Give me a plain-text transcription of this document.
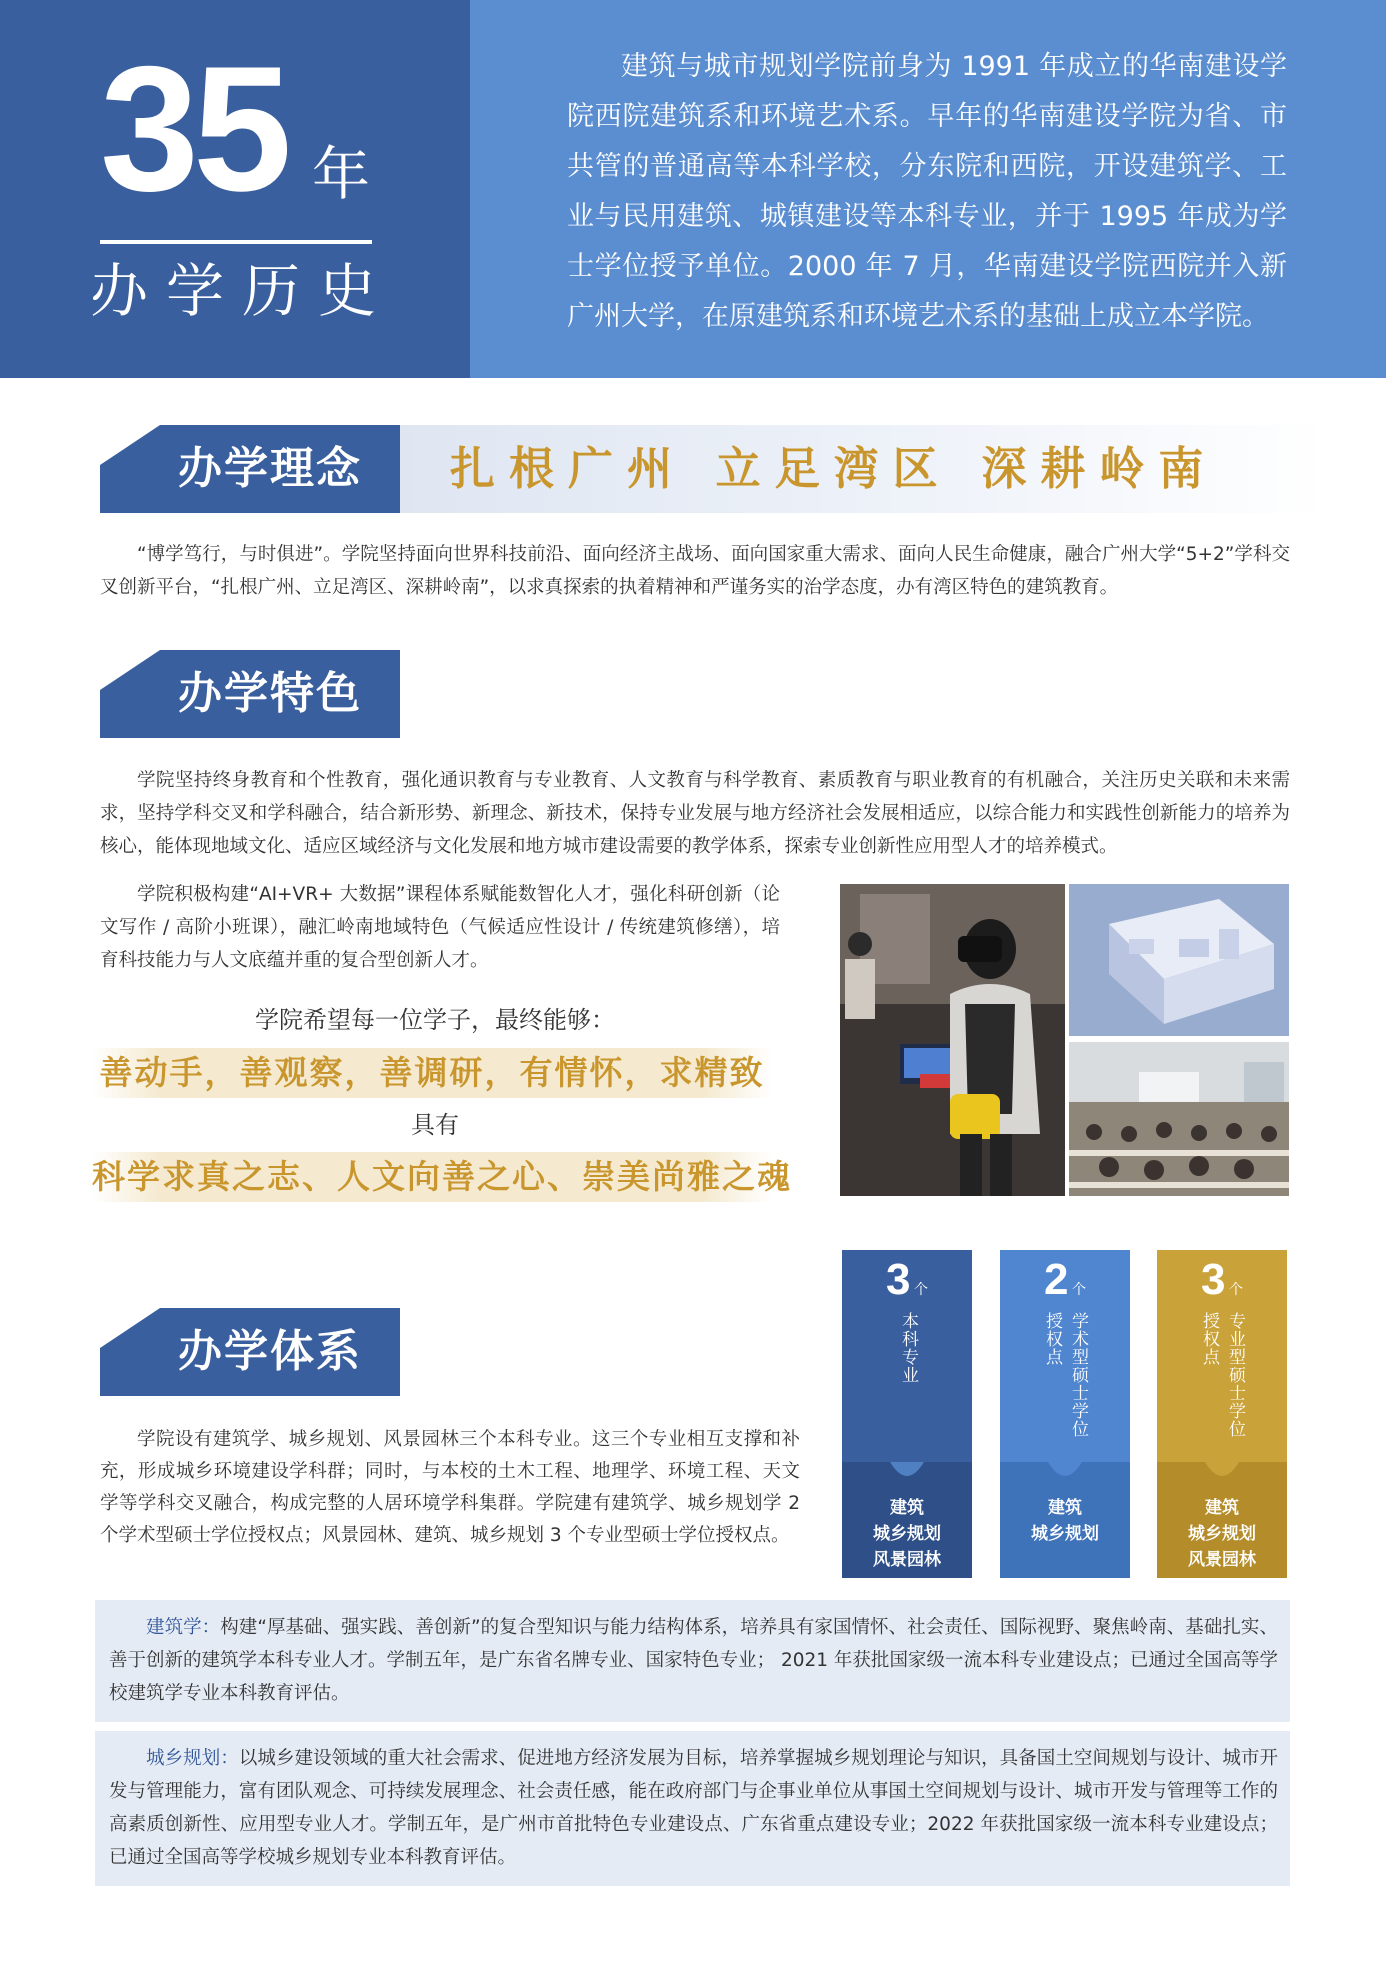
35 年
办学历史

建筑与城市规划学院前身为 1991 年成立的华南建设学院西院建筑系和环境艺术系。早年的华南建设学院为省、市共管的普通高等本科学校，分东院和西院，开设建筑学、工业与民用建筑、城镇建设等本科专业，并于 1995 年成为学士学位授予单位。2000 年 7 月，华南建设学院西院并入新广州大学，在原建筑系和环境艺术系的基础上成立本学院。

办学理念	扎根广州 立足湾区 深耕岭南

“博学笃行，与时俱进”。学院坚持面向世界科技前沿、面向经济主战场、面向国家重大需求、面向人民生命健康，融合广州大学“5+2”学科交叉创新平台，“扎根广州、立足湾区、深耕岭南”，以求真探索的执着精神和严谨务实的治学态度，办有湾区特色的建筑教育。

办学特色

学院坚持终身教育和个性教育，强化通识教育与专业教育、人文教育与科学教育、素质教育与职业教育的有机融合，关注历史关联和未来需求，坚持学科交叉和学科融合，结合新形势、新理念、新技术，保持专业发展与地方经济社会发展相适应，以综合能力和实践性创新能力的培养为核心，能体现地域文化、适应区域经济与文化发展和地方城市建设需要的教学体系，探索专业创新性应用型人才的培养模式。

学院积极构建“AI+VR+ 大数据”课程体系赋能数智化人才，强化科研创新（论文写作 / 高阶小班课），融汇岭南地域特色（气候适应性设计 / 传统建筑修缮），培育科技能力与人文底蕴并重的复合型创新人才。

学院希望每一位学子，最终能够：
善动手，善观察，善调研，有情怀，求精致
具有
科学求真之志、人文向善之心、崇美尚雅之魂
办学体系

学院设有建筑学、城乡规划、风景园林三个本科专业。这三个专业相互支撑和补充，形成城乡环境建设学科群；同时，与本校的土木工程、地理学、环境工程、天文学等学科交叉融合，构成完整的人居环境学科集群。学院建有建筑学、城乡规划学 2 个学术型硕士学位授权点；风景园林、建筑、城乡规划 3 个专业型硕士学位授权点。

3 个
本科专业
建筑
城乡规划
风景园林
2 个
学术型硕士学位
授权点
建筑
城乡规划
3 个
专业型硕士学位
授权点
建筑
城乡规划
风景园林
建筑学：构建“厚基础、强实践、善创新”的复合型知识与能力结构体系，培养具有家国情怀、社会责任、国际视野、聚焦岭南、基础扎实、善于创新的建筑学本科专业人才。学制五年，是广东省名牌专业、国家特色专业； 2021 年获批国家级一流本科专业建设点；已通过全国高等学校建筑学专业本科教育评估。
城乡规划：以城乡建设领域的重大社会需求、促进地方经济发展为目标，培养掌握城乡规划理论与知识，具备国土空间规划与设计、城市开发与管理能力，富有团队观念、可持续发展理念、社会责任感，能在政府部门与企事业单位从事国土空间规划与设计、城市开发与管理等工作的高素质创新性、应用型专业人才。学制五年，是广州市首批特色专业建设点、广东省重点建设专业；2022 年获批国家级一流本科专业建设点；已通过全国高等学校城乡规划专业本科教育评估。
